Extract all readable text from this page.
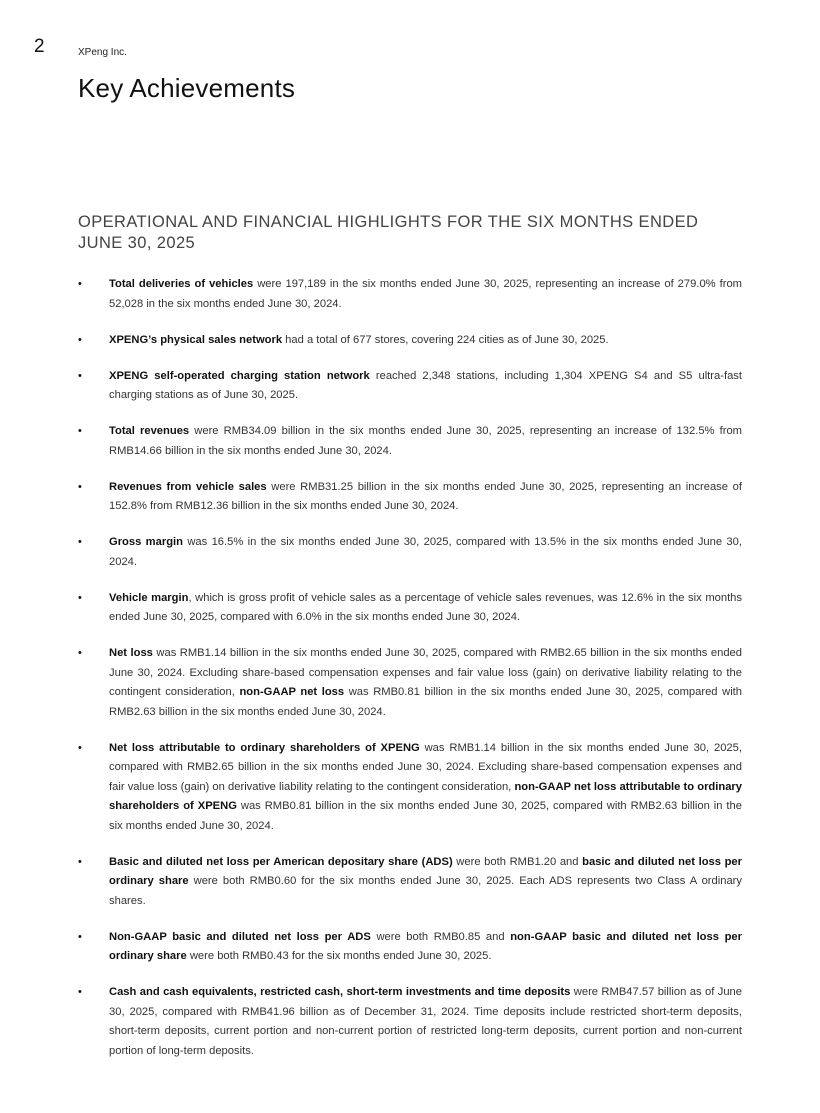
2	XPeng Inc.
Key Achievements
OPERATIONAL AND FINANCIAL HIGHLIGHTS FOR THE SIX MONTHS ENDED JUNE 30, 2025
• Total deliveries of vehicles were 197,189 in the six months ended June 30, 2025, representing an increase of 279.0% from 52,028 in the six months ended June 30, 2024.
• XPENG’s physical sales network had a total of 677 stores, covering 224 cities as of June 30, 2025.
• XPENG self-operated charging station network reached 2,348 stations, including 1,304 XPENG S4 and S5 ultra-fast charging stations as of June 30, 2025.
• Total revenues were RMB34.09 billion in the six months ended June 30, 2025, representing an increase of 132.5% from RMB14.66 billion in the six months ended June 30, 2024.
• Revenues from vehicle sales were RMB31.25 billion in the six months ended June 30, 2025, representing an increase of 152.8% from RMB12.36 billion in the six months ended June 30, 2024.
• Gross margin was 16.5% in the six months ended June 30, 2025, compared with 13.5% in the six months ended June 30, 2024.
• Vehicle margin, which is gross profit of vehicle sales as a percentage of vehicle sales revenues, was 12.6% in the six months ended June 30, 2025, compared with 6.0% in the six months ended June 30, 2024.
• Net loss was RMB1.14 billion in the six months ended June 30, 2025, compared with RMB2.65 billion in the six months ended June 30, 2024. Excluding share-based compensation expenses and fair value loss (gain) on derivative liability relating to the contingent consideration, non-GAAP net loss was RMB0.81 billion in the six months ended June 30, 2025, compared with RMB2.63 billion in the six months ended June 30, 2024.
• Net loss attributable to ordinary shareholders of XPENG was RMB1.14 billion in the six months ended June 30, 2025, compared with RMB2.65 billion in the six months ended June 30, 2024. Excluding share-based compensation expenses and fair value loss (gain) on derivative liability relating to the contingent consideration, non-GAAP net loss attributable to ordinary shareholders of XPENG was RMB0.81 billion in the six months ended June 30, 2025, compared with RMB2.63 billion in the six months ended June 30, 2024.
• Basic and diluted net loss per American depositary share (ADS) were both RMB1.20 and basic and diluted net loss per ordinary share were both RMB0.60 for the six months ended June 30, 2025. Each ADS represents two Class A ordinary shares.
• Non-GAAP basic and diluted net loss per ADS were both RMB0.85 and non-GAAP basic and diluted net loss per ordinary share were both RMB0.43 for the six months ended June 30, 2025.
• Cash and cash equivalents, restricted cash, short-term investments and time deposits were RMB47.57 billion as of June 30, 2025, compared with RMB41.96 billion as of December 31, 2024. Time deposits include restricted short-term deposits, short-term deposits, current portion and non-current portion of restricted long-term deposits, current portion and non-current portion of long-term deposits.
